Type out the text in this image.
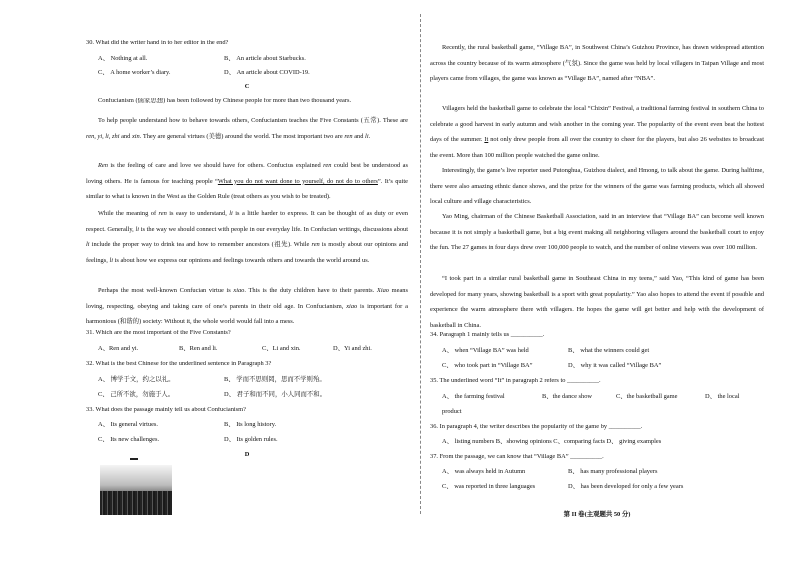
30. What did the writer hand in to her editor in the end?
A、 Nothing at all.	B、 An article about Starbucks.
C、 A home worker’s diary.	D、 An article about COVID-19.
C
Confucianism (儒家思想) has been followed by Chinese people for more than two thousand years.
To help people understand how to behave towards others, Confucianism teaches the Five Constants (五常). These are ren, yi, li, zhi and xin. They are general virtues (美德) around the world. The most important two are ren and li.
Ren is the feeling of care and love we should have for others. Confucius explained ren could best be understood as loving others. He is famous for teaching people “What you do not want done to yourself, do not do to others”. It’s quite similar to what is known in the West as the Golden Rule (treat others as you wish to be treated).
While the meaning of ren is easy to understand, li is a little harder to express. It can be thought of as duty or even respect. Generally, li is the way we should connect with people in our everyday life. In Confucian writings, discussions about li include the proper way to drink tea and how to remember ancestors (祖先). While ren is mostly about our opinions and feelings, li is about how we express our opinions and feelings towards others and towards the world around us.
Perhaps the most well-known Confucian virtue is xiao. This is the duty children have to their parents. Xiao means loving, respecting, obeying and taking care of one’s parents in their old age. In Confucianism, xiao is important for a harmonious (和谐的) society: Without it, the whole world would fall into a mess.
31. Which are the most important of the Five Constants?
A、Ren and yi.	B、Ren and li.	C、Li and xin.	D、Yi and zhi.
32. What is the best Chinese for the underlined sentence in Paragraph 3?
A、 博学于文，约之以礼。	B、 学而不思则罔，思而不学则殆。
C、 己所不欲，勿施于人。	D、 君子和而不同，小人同而不和。
33. What does the passage mainly tell us about Confucianism?
A、 Its general virtues.	B、 Its long history.
C、 Its new challenges.	D、 Its golden rules.
D
Recently, the rural basketball game, “Village BA”, in Southwest China’s Guizhou Province, has drawn widespread attention across the country because of its warm atmosphere (气氛). Since the game was held by local villagers in Taipan Village and most players came from villages, the game was known as “Village BA”, named after “NBA”.
Villagers held the basketball game to celebrate the local “Chixin” Festival, a traditional farming festival in southern China to celebrate a good harvest in early autumn and wish another in the coming year. The popularity of the event even beat the hottest days of the summer. It not only drew people from all over the country to cheer for the players, but also 26 websites to broadcast the event. More than 100 million people watched the game online.
Interestingly, the game’s live reporter used Putonghua, Guizhou dialect, and Hmong, to talk about the game. During halftime, there were also amazing ethnic dance shows, and the prize for the winners of the game was farming products, which all showed local culture and village characteristics.
Yao Ming, chairman of the Chinese Basketball Association, said in an interview that “Village BA” can become well known because it is not simply a basketball game, but a big event making all neighboring villagers around the basketball court to enjoy the fun. The 27 games in four days drew over 100,000 people to watch, and the number of online viewers was over 100 million.
“I took part in a similar rural basketball game in Southeast China in my teens,” said Yao, “This kind of game has been developed for many years, showing basketball is a sport with great popularity.” Yao also hopes to attend the event if possible and experience the warm atmosphere there with villagers. He hopes the game will get better and help with the development of basketball in China.
34. Paragraph 1 mainly tells us __________.
A、 when “Village BA” was held	B、 what the winners could get
C、 who took part in “Village BA”	D、 why it was called “Village BA”
35. The underlined word “It” in paragraph 2 refers to __________.
A、 the farming festival	B、the dance show	C、the basketball game	D、 the local
product
36. In paragraph 4, the writer describes the popularity of the game by __________.
A、 listing numbers B、showing opinions C、comparing facts D、 giving examples
37. From the passage, we can know that “Village BA” __________.
A、 was always held in Autumn	B、 has many professional players
C、 was reported in three languages	D、 has been developed for only a few years
第 II 卷(主观题共 50 分)
